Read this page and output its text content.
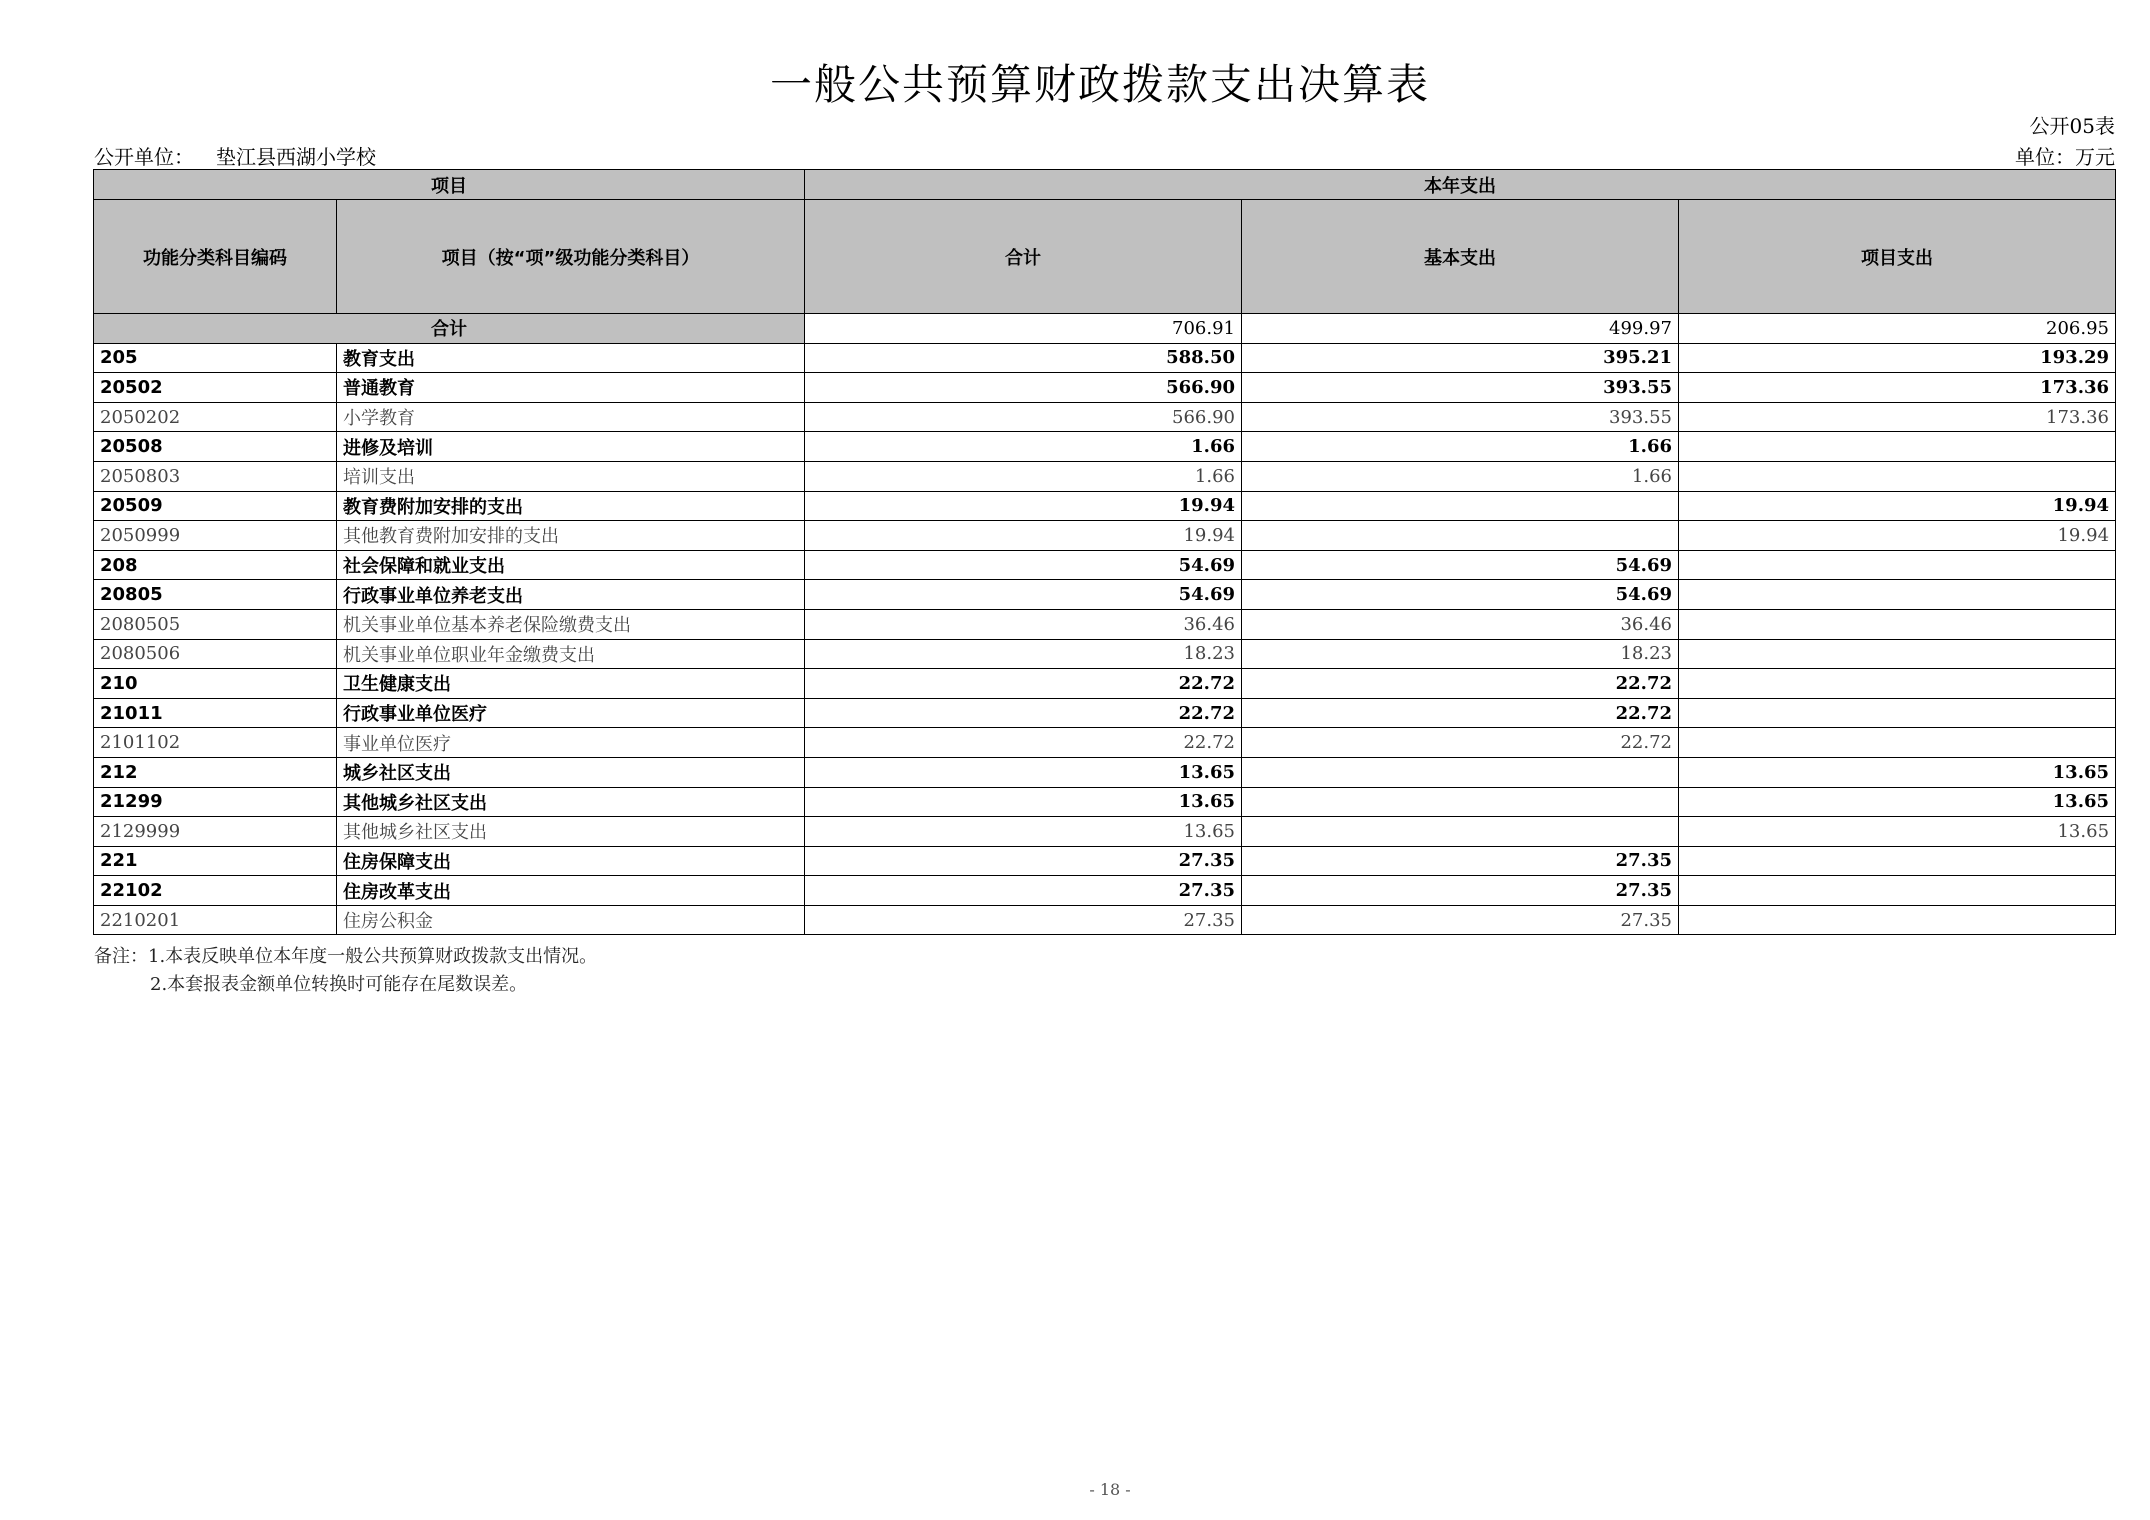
一般公共预算财政拨款支出决算表
公开05表
公开单位： 垫江县西湖小学校	单位：万元
项目		本年支出		
功能分类科目编码	项目（按“项”级功能分类科目）	合计	基本支出	项目支出
合计		706.91	499.97	206.95
205	教育支出	588.50	395.21	193.29
20502	普通教育	566.90	393.55	173.36
2050202	小学教育	566.90	393.55	173.36
20508	进修及培训	1.66	1.66	
2050803	培训支出	1.66	1.66	
20509	教育费附加安排的支出	19.94		19.94
2050999	其他教育费附加安排的支出	19.94		19.94
208	社会保障和就业支出	54.69	54.69	
20805	行政事业单位养老支出	54.69	54.69	
2080505	机关事业单位基本养老保险缴费支出	36.46	36.46	
2080506	机关事业单位职业年金缴费支出	18.23	18.23	
210	卫生健康支出	22.72	22.72	
21011	行政事业单位医疗	22.72	22.72	
2101102	事业单位医疗	22.72	22.72	
212	城乡社区支出	13.65		13.65
21299	其他城乡社区支出	13.65		13.65
2129999	其他城乡社区支出	13.65		13.65
221	住房保障支出	27.35	27.35	
22102	住房改革支出	27.35	27.35	
2210201	住房公积金	27.35	27.35	
备注：1.本表反映单位本年度一般公共预算财政拨款支出情况。
2.本套报表金额单位转换时可能存在尾数误差。
- 18 -
